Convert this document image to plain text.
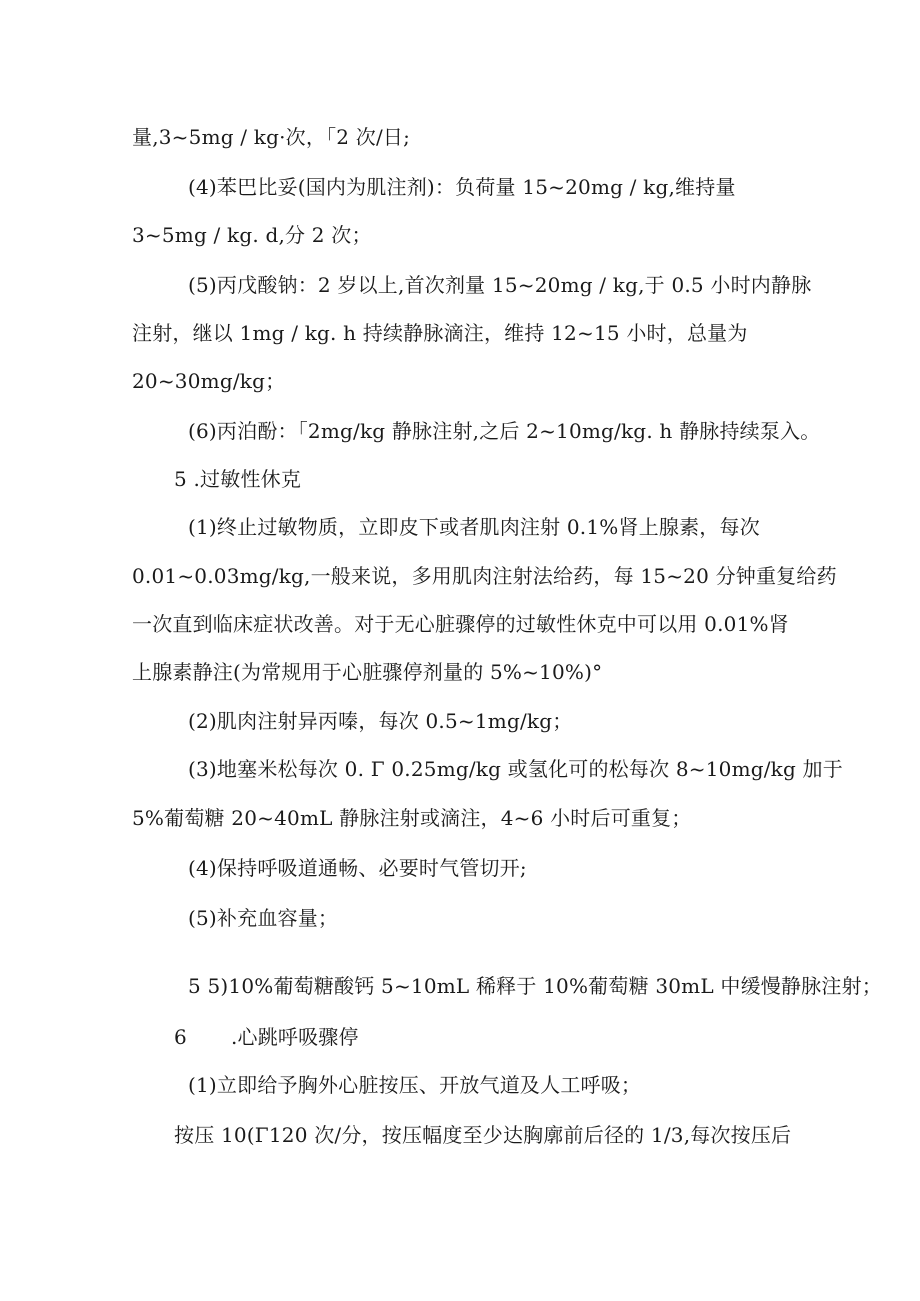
量,3~5mg / kg·次，「2 次/日;
(4)苯巴比妥(国内为肌注剂)：负荷量 15~20mg / kg,维持量
3~5mg / kg. d,分 2 次；
(5)丙戊酸钠：2 岁以上,首次剂量 15~20mg / kg,于 0.5 小时内静脉
注射，继以 1mg / kg. h 持续静脉滴注，维持 12~15 小时，总量为
20~30mg/kg；
(6)丙泊酚：「2mg/kg 静脉注射,之后 2~10mg/kg. h 静脉持续泵入。
5 .过敏性休克
(1)终止过敏物质，立即皮下或者肌肉注射 0.1%肾上腺素，每次
0.01~0.03mg/kg,一般来说，多用肌肉注射法给药，每 15~20 分钟重复给药
一次直到临床症状改善。对于无心脏骤停的过敏性休克中可以用 0.01%肾
上腺素静注(为常规用于心脏骤停剂量的 5%~10%)°
(2)肌肉注射异丙嗪，每次 0.5~1mg/kg；
(3)地塞米松每次 0. Γ 0.25mg/kg 或氢化可的松每次 8~10mg/kg 加于
5%葡萄糖 20~40mL 静脉注射或滴注，4~6 小时后可重复；
(4)保持呼吸道通畅、必要时气管切开;
(5)补充血容量；
5 5)10%葡萄糖酸钙 5~10mL 稀释于 10%葡萄糖 30mL 中缓慢静脉注射；
6 .心跳呼吸骤停
(1)立即给予胸外心脏按压、开放气道及人工呼吸；
按压 10(Γ120 次/分，按压幅度至少达胸廓前后径的 1/3,每次按压后
